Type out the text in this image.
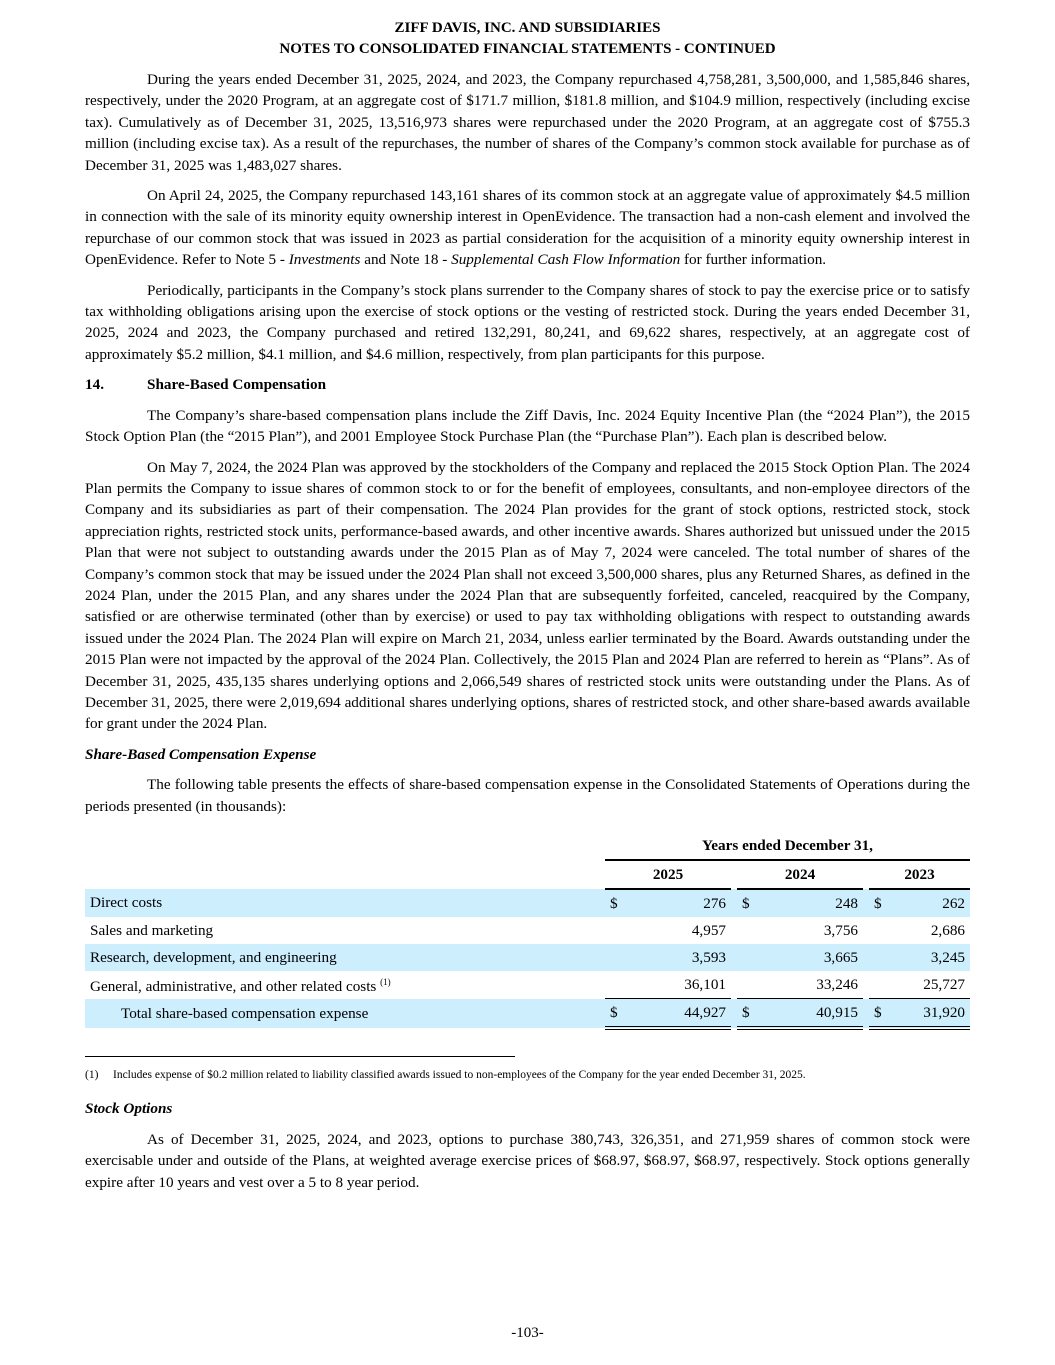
ZIFF DAVIS, INC. AND SUBSIDIARIES
NOTES TO CONSOLIDATED FINANCIAL STATEMENTS - CONTINUED

During the years ended December 31, 2025, 2024, and 2023, the Company repurchased 4,758,281, 3,500,000, and 1,585,846 shares, respectively, under the 2020 Program, at an aggregate cost of $171.7 million, $181.8 million, and $104.9 million, respectively (including excise tax). Cumulatively as of December 31, 2025, 13,516,973 shares were repurchased under the 2020 Program, at an aggregate cost of $755.3 million (including excise tax). As a result of the repurchases, the number of shares of the Company’s common stock available for purchase as of December 31, 2025 was 1,483,027 shares.

On April 24, 2025, the Company repurchased 143,161 shares of its common stock at an aggregate value of approximately $4.5 million in connection with the sale of its minority equity ownership interest in OpenEvidence. The transaction had a non-cash element and involved the repurchase of our common stock that was issued in 2023 as partial consideration for the acquisition of a minority equity ownership interest in OpenEvidence. Refer to Note 5 - Investments and Note 18 - Supplemental Cash Flow Information for further information.

Periodically, participants in the Company’s stock plans surrender to the Company shares of stock to pay the exercise price or to satisfy tax withholding obligations arising upon the exercise of stock options or the vesting of restricted stock. During the years ended December 31, 2025, 2024 and 2023, the Company purchased and retired 132,291, 80,241, and 69,622 shares, respectively, at an aggregate cost of approximately $5.2 million, $4.1 million, and $4.6 million, respectively, from plan participants for this purpose.

14.	Share-Based Compensation

The Company’s share-based compensation plans include the Ziff Davis, Inc. 2024 Equity Incentive Plan (the “2024 Plan”), the 2015 Stock Option Plan (the “2015 Plan”), and 2001 Employee Stock Purchase Plan (the “Purchase Plan”). Each plan is described below.

On May 7, 2024, the 2024 Plan was approved by the stockholders of the Company and replaced the 2015 Stock Option Plan. The 2024 Plan permits the Company to issue shares of common stock to or for the benefit of employees, consultants, and non-employee directors of the Company and its subsidiaries as part of their compensation. The 2024 Plan provides for the grant of stock options, restricted stock, stock appreciation rights, restricted stock units, performance-based awards, and other incentive awards. Shares authorized but unissued under the 2015 Plan that were not subject to outstanding awards under the 2015 Plan as of May 7, 2024 were canceled. The total number of shares of the Company’s common stock that may be issued under the 2024 Plan shall not exceed 3,500,000 shares, plus any Returned Shares, as defined in the 2024 Plan, under the 2015 Plan, and any shares under the 2024 Plan that are subsequently forfeited, canceled, reacquired by the Company, satisfied or are otherwise terminated (other than by exercise) or used to pay tax withholding obligations with respect to outstanding awards issued under the 2024 Plan. The 2024 Plan will expire on March 21, 2034, unless earlier terminated by the Board. Awards outstanding under the 2015 Plan were not impacted by the approval of the 2024 Plan. Collectively, the 2015 Plan and 2024 Plan are referred to herein as “Plans”. As of December 31, 2025, 435,135 shares underlying options and 2,066,549 shares of restricted stock units were outstanding under the Plans. As of December 31, 2025, there were 2,019,694 additional shares underlying options, shares of restricted stock, and other share-based awards available for grant under the 2024 Plan.

Share-Based Compensation Expense

The following table presents the effects of share-based compensation expense in the Consolidated Statements of Operations during the periods presented (in thousands):

	Years ended December 31,							
	2025			2024			2023	
Direct costs	$	276		$	248		$	262
Sales and marketing		4,957			3,756			2,686
Research, development, and engineering		3,593			3,665			3,245
General, administrative, and other related costs $^{(1)}$		36,101			33,246			25,727
Total share-based compensation expense	$	44,927		$	40,915		$	31,920
(1) Includes expense of $0.2 million related to liability classified awards issued to non-employees of the Company for the year ended December 31, 2025.
Stock Options

As of December 31, 2025, 2024, and 2023, options to purchase 380,743, 326,351, and 271,959 shares of common stock were exercisable under and outside of the Plans, at weighted average exercise prices of $68.97, $68.97, $68.97, respectively. Stock options generally expire after 10 years and vest over a 5 to 8 year period.

-103-
